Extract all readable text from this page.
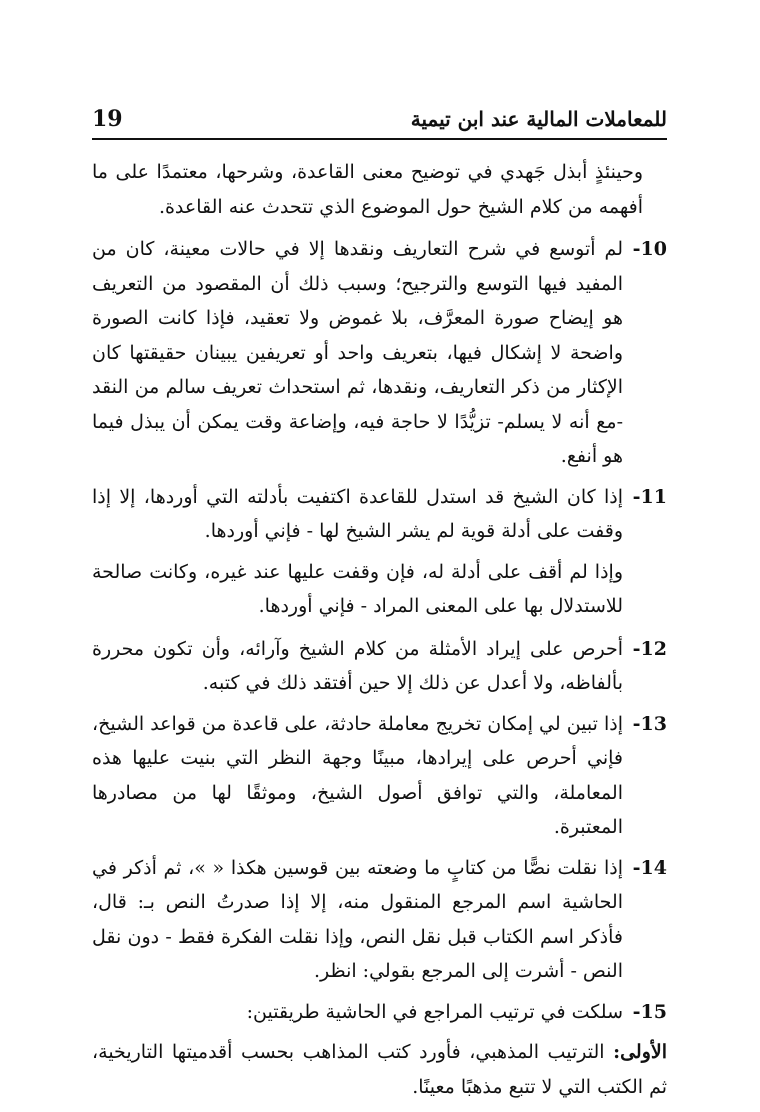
19	للمعاملات المالية عند ابن تيمية

وحينئذٍ أبذل جَهدي في توضيح معنى القاعدة، وشرحها، معتمدًا على ما أفهمه من كلام الشيخ حول الموضوع الذي تتحدث عنه القاعدة.

-10
لم أتوسع في شرح التعاريف ونقدها إلا في حالات معينة، كان من المفيد فيها التوسع والترجيح؛ وسبب ذلك أن المقصود من التعريف هو إيضاح صورة المعرَّف، بلا غموض ولا تعقيد، فإذا كانت الصورة واضحة لا إشكال فيها، بتعريف واحد أو تعريفين يبينان حقيقتها كان الإكثار من ذكر التعاريف، ونقدها، ثم استحداث تعريف سالم من النقد -مع أنه لا يسلم- تزيُّدًا لا حاجة فيه، وإضاعة وقت يمكن أن يبذل فيما هو أنفع.
-11
إذا كان الشيخ قد استدل للقاعدة اكتفيت بأدلته التي أوردها، إلا إذا وقفت على أدلة قوية لم يشر الشيخ لها - فإني أوردها.

وإذا لم أقف على أدلة له، فإن وقفت عليها عند غيره، وكانت صالحة للاستدلال بها على المعنى المراد - فإني أوردها.

-12
أحرص على إيراد الأمثلة من كلام الشيخ وآرائه، وأن تكون محررة بألفاظه، ولا أعدل عن ذلك إلا حين أفتقد ذلك في كتبه.
-13
إذا تبين لي إمكان تخريج معاملة حادثة، على قاعدة من قواعد الشيخ، فإني أحرص على إيرادها، مبينًا وجهة النظر التي بنيت عليها هذه المعاملة، والتي توافق أصول الشيخ، وموثقًا لها من مصادرها المعتبرة.
-14
إذا نقلت نصًّا من كتابٍ ما وضعته بين قوسين هكذا « »، ثم أذكر في الحاشية اسم المرجع المنقول منه، إلا إذا صدرتُ النص بـ: قال، فأذكر اسم الكتاب قبل نقل النص، وإذا نقلت الفكرة فقط - دون نقل النص - أشرت إلى المرجع بقولي: انظر.
-15
سلكت في ترتيب المراجع في الحاشية طريقتين:

الأولى: الترتيب المذهبي، فأورد كتب المذاهب بحسب أقدميتها التاريخية، ثم الكتب التي لا تتبع مذهبًا معينًا.
